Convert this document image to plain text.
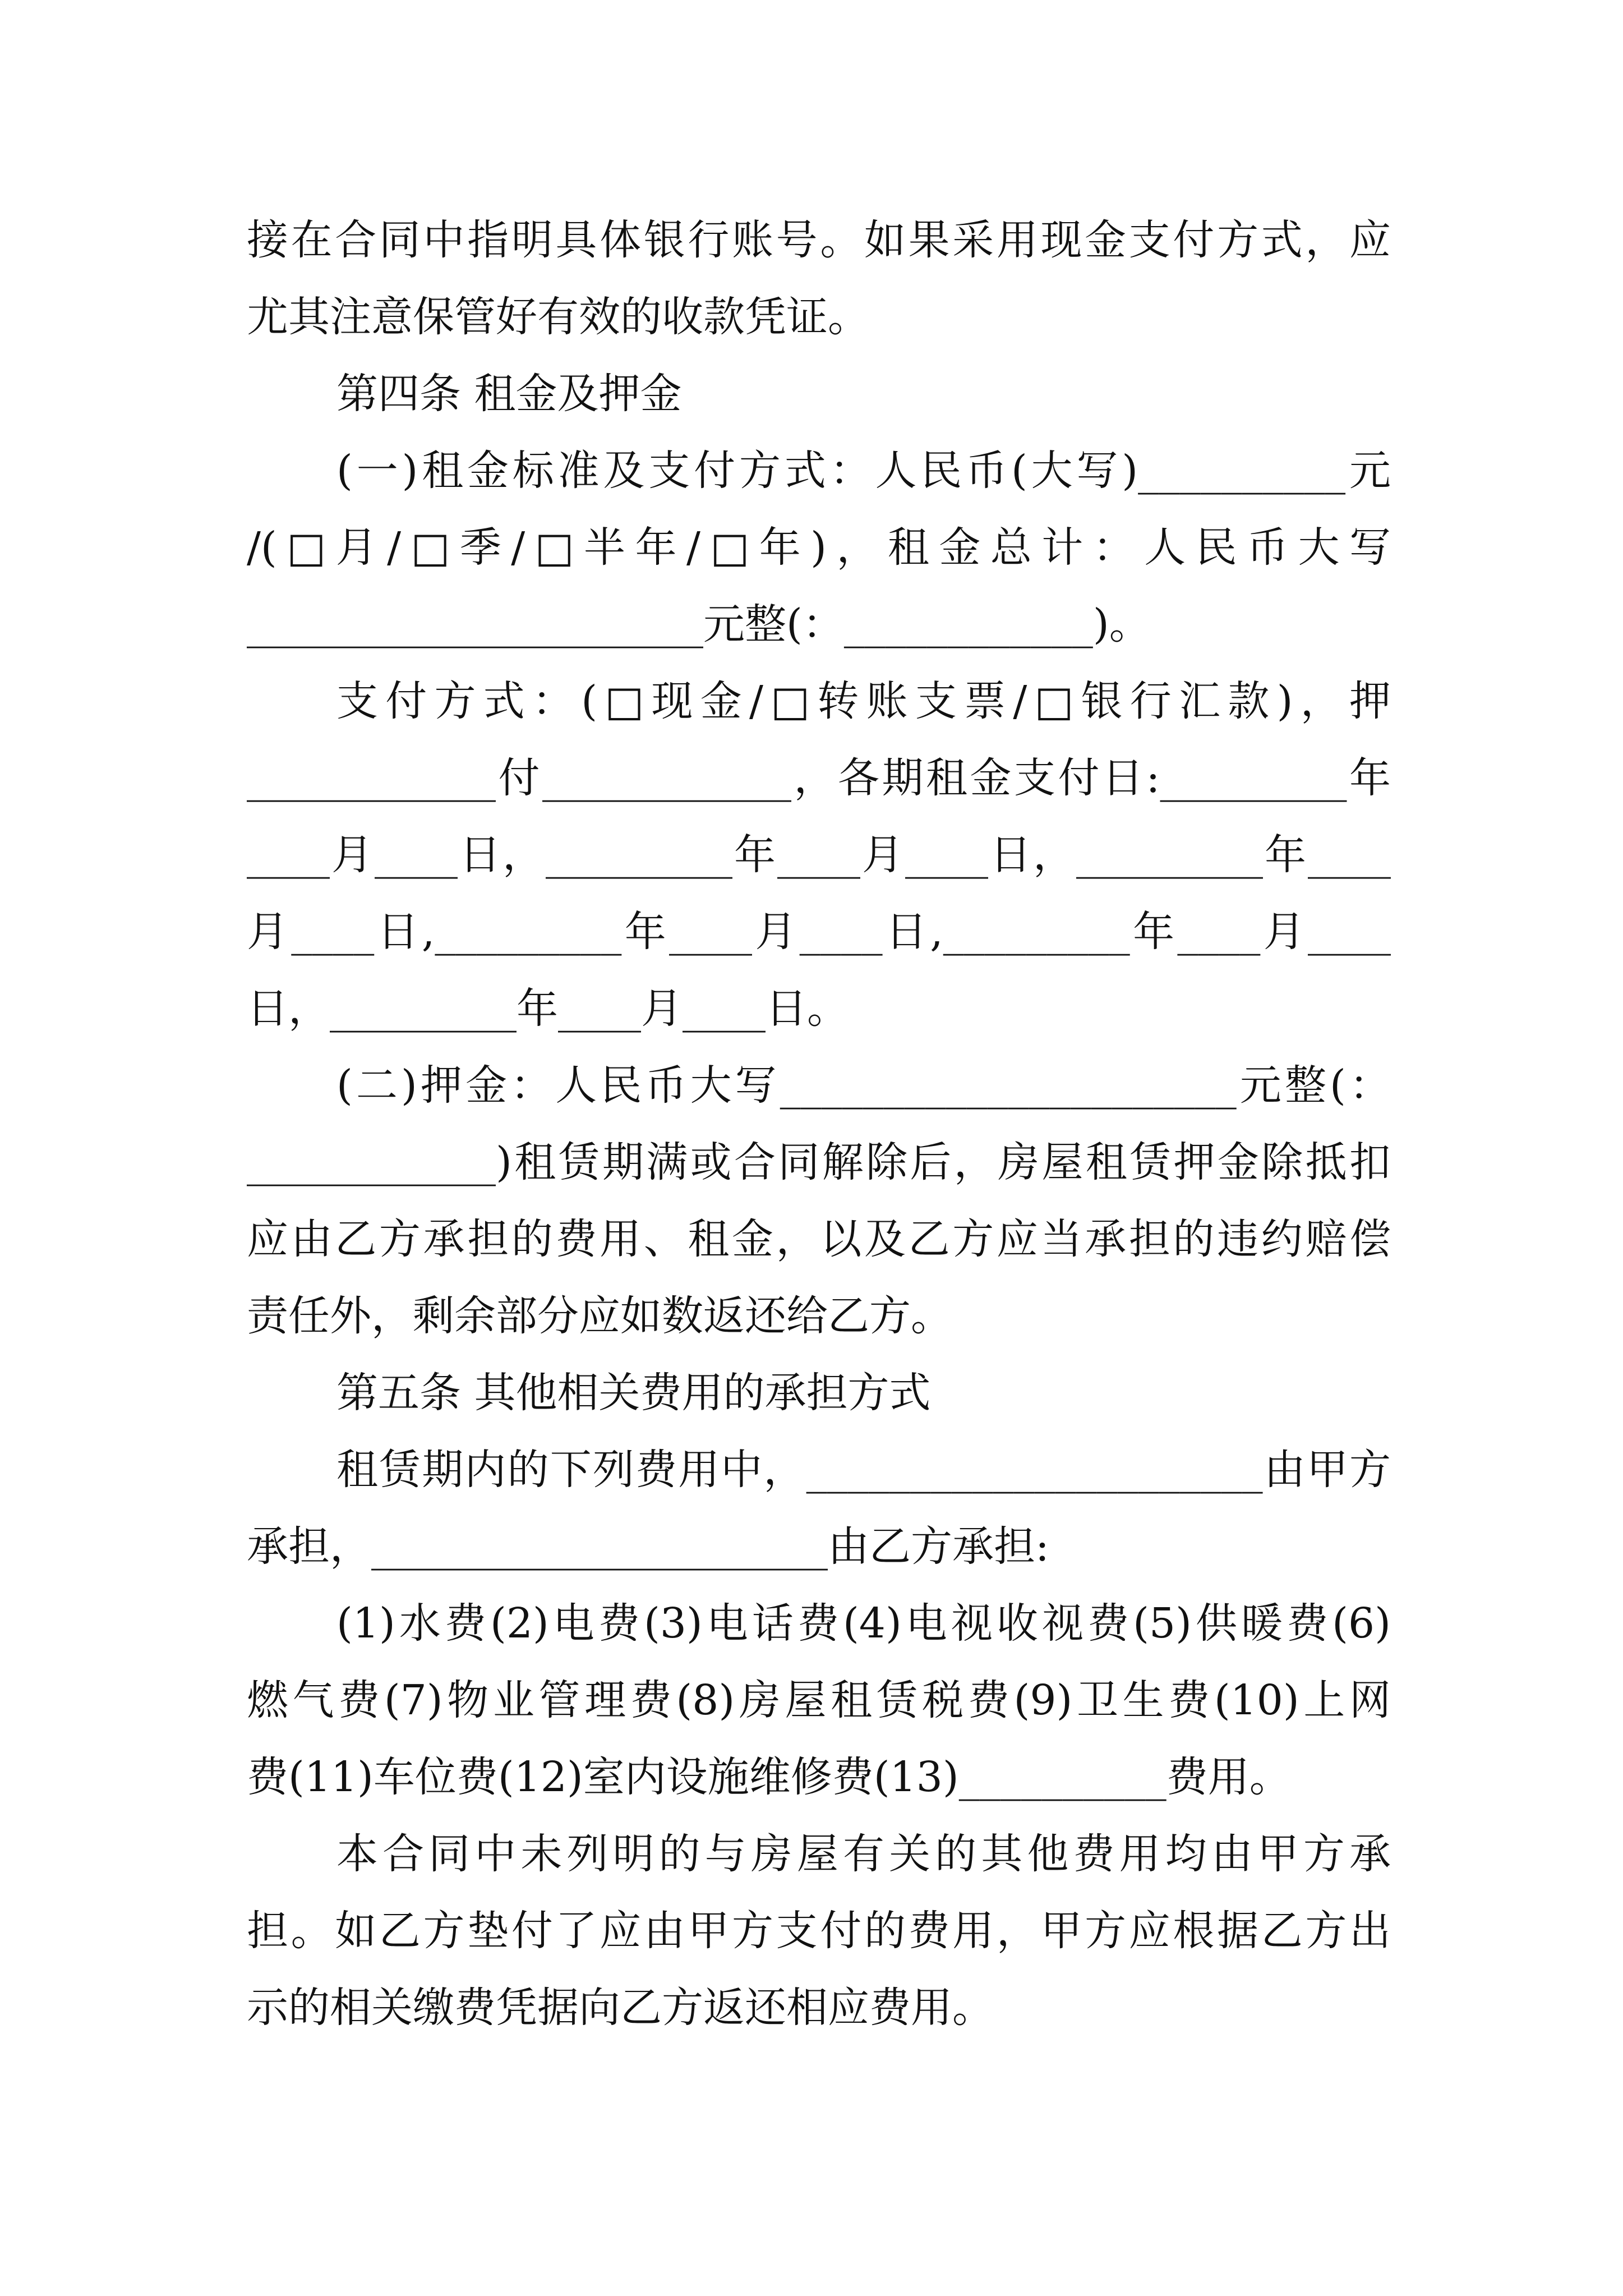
接在合同中指明具体银行账号。如果采用现金支付方式，应
尤其注意保管好有效的收款凭证。
第四条 租金及押金
(一)租金标准及支付方式：人民币(大写)__________元
/(□月/□季/□半年/□年)，租金总计：人民币大写
______________________元整(：____________)。
支付方式：(□现金/□转账支票/□银行汇款)，押
____________付____________，各期租金支付日:_________年
____月____日，_________年____月____日，_________年____
月____日,_________年____月____日,_________年____月____
日，_________年____月____日。
(二)押金：人民币大写______________________元整(：
____________)租赁期满或合同解除后，房屋租赁押金除抵扣
应由乙方承担的费用、租金，以及乙方应当承担的违约赔偿
责任外，剩余部分应如数返还给乙方。
第五条 其他相关费用的承担方式
租赁期内的下列费用中，______________________由甲方
承担，______________________由乙方承担:
(1)水费(2)电费(3)电话费(4)电视收视费(5)供暖费(6)
燃气费(7)物业管理费(8)房屋租赁税费(9)卫生费(10)上网
费(11)车位费(12)室内设施维修费(13)__________费用。
本合同中未列明的与房屋有关的其他费用均由甲方承
担。如乙方垫付了应由甲方支付的费用，甲方应根据乙方出
示的相关缴费凭据向乙方返还相应费用。
